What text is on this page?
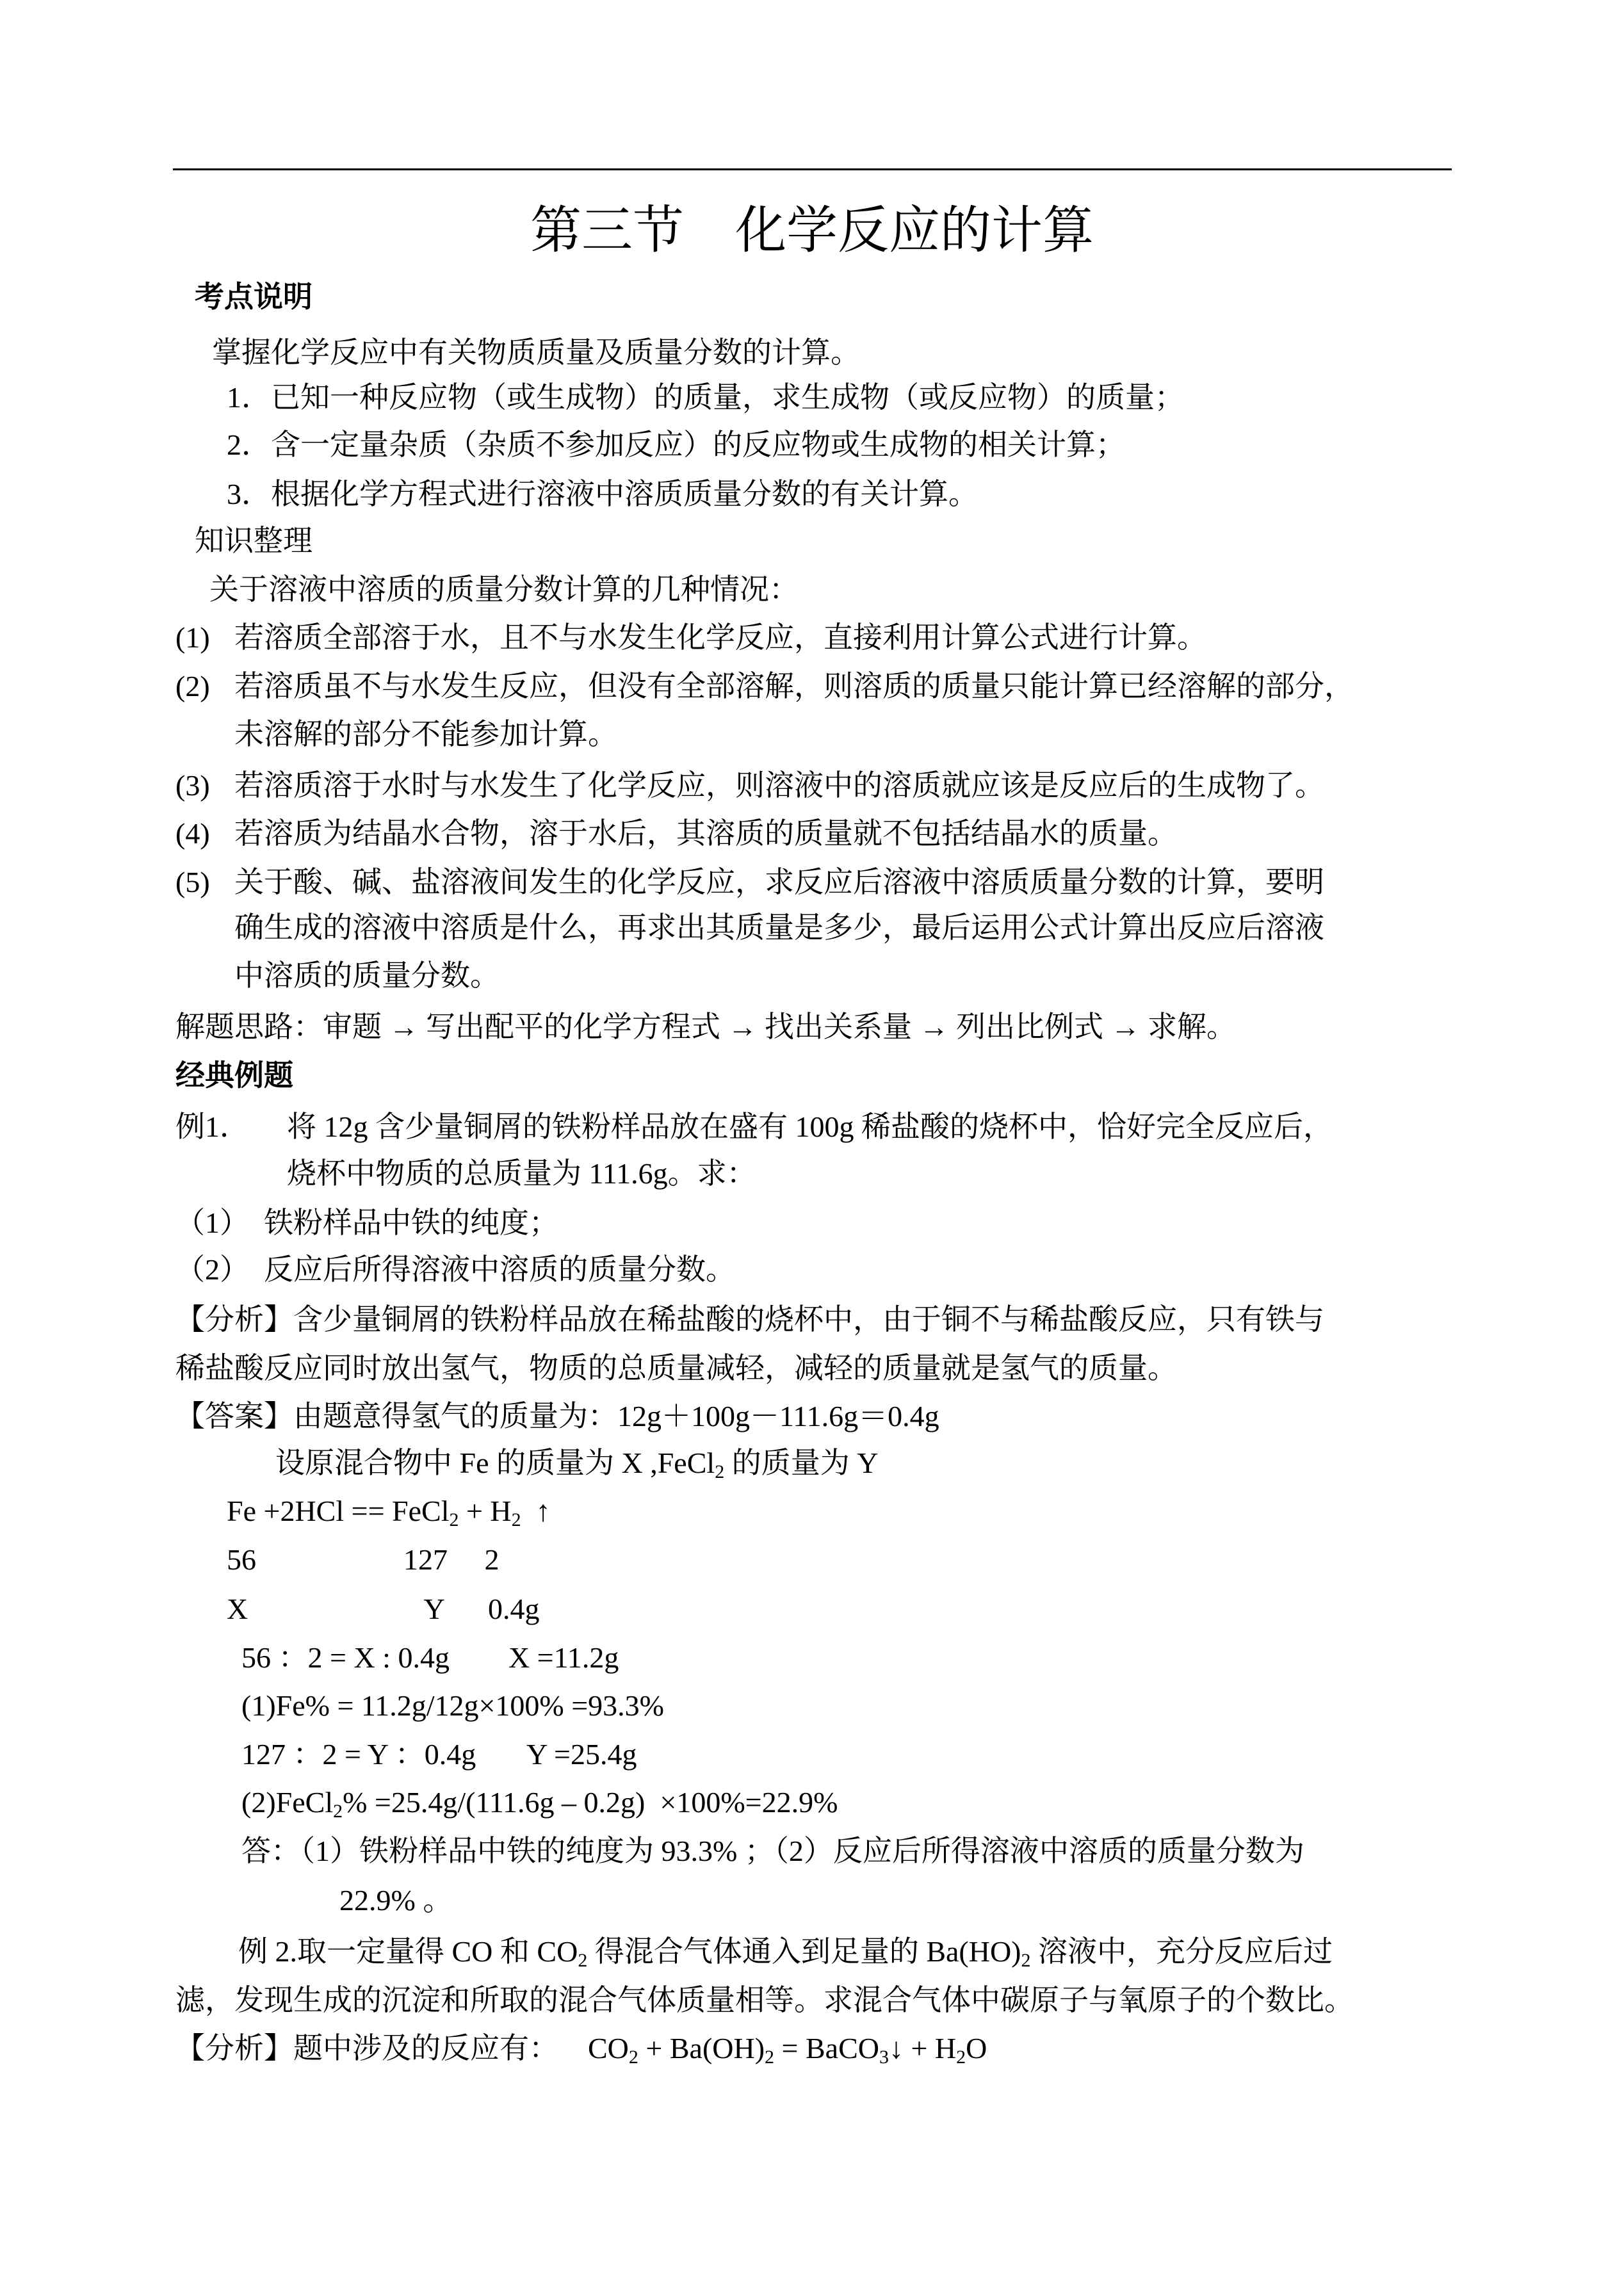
第三节　化学反应的计算
考点说明
掌握化学反应中有关物质质量及质量分数的计算。
1．已知一种反应物（或生成物）的质量，求生成物（或反应物）的质量；
2．含一定量杂质（杂质不参加反应）的反应物或生成物的相关计算；
3．根据化学方程式进行溶液中溶质质量分数的有关计算。
知识整理
关于溶液中溶质的质量分数计算的几种情况：
(1) 若溶质全部溶于水，且不与水发生化学反应，直接利用计算公式进行计算。
(2) 若溶质虽不与水发生反应，但没有全部溶解，则溶质的质量只能计算已经溶解的部分，
未溶解的部分不能参加计算。
(3) 若溶质溶于水时与水发生了化学反应，则溶液中的溶质就应该是反应后的生成物了。
(4) 若溶质为结晶水合物，溶于水后，其溶质的质量就不包括结晶水的质量。
(5) 关于酸、碱、盐溶液间发生的化学反应，求反应后溶液中溶质质量分数的计算，要明
确生成的溶液中溶质是什么，再求出其质量是多少，最后运用公式计算出反应后溶液
中溶质的质量分数。
解题思路：审题 → 写出配平的化学方程式 → 找出关系量 → 列出比例式 → 求解。
经典例题
例1． 将 12g 含少量铜屑的铁粉样品放在盛有 100g 稀盐酸的烧杯中，恰好完全反应后，
烧杯中物质的总质量为 111.6g。求：
（1）　铁粉样品中铁的纯度；
（2）　反应后所得溶液中溶质的质量分数。
【分析】含少量铜屑的铁粉样品放在稀盐酸的烧杯中，由于铜不与稀盐酸反应，只有铁与
稀盐酸反应同时放出氢气，物质的总质量减轻，减轻的质量就是氢气的质量。
【答案】由题意得氢气的质量为：12g＋100g－111.6g＝0.4g
设原混合物中 Fe 的质量为 X ,FeCl$_2$ 的质量为 Y
Fe +2HCl == FeCl$_2$ + $H_2$  ↑
56                    127     2
X                        Y      0.4g
56 ：2 = X : 0.4g        X =11.2g
(1)Fe% = 11.2g/12g×100% =93.3%
127 ：2 = Y ：0.4g       Y =25.4g
(2)FeCl$_2$% =25.4g/(111.6g – 0.2g)  ×100%=22.9%
答：（1）铁粉样品中铁的纯度为 93.3% ；（2）反应后所得溶液中溶质的质量分数为
22.9% 。
例 2.取一定量得 CO 和 $CO_2$ 得混合气体通入到足量的 $Ba(HO)_2$ 溶液中，充分反应后过
滤，发现生成的沉淀和所取的混合气体质量相等。求混合气体中碳原子与氧原子的个数比。
【分析】题中涉及的反应有：    $CO_2 + Ba(OH)_2$ = BaCO$_3$↓ + $H_2O$
